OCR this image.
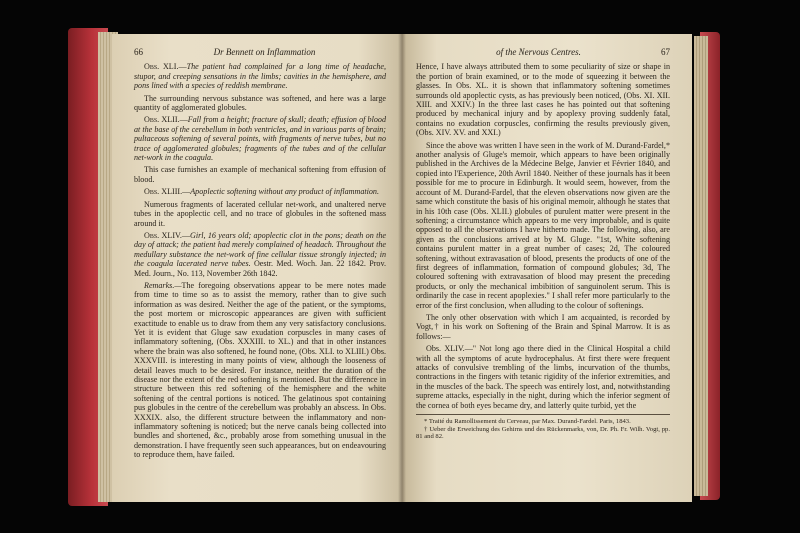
66	Dr Bennett on Inflammation

Obs. XLI.—The patient had complained for a long time of headache, stupor, and creeping sensations in the limbs; cavities in the hemisphere, and pons lined with a species of reddish membrane.

The surrounding nervous substance was softened, and here was a large quantity of agglomerated globules.

Obs. XLII.—Fall from a height; fracture of skull; death; effusion of blood at the base of the cerebellum in both ventricles, and in various parts of brain; pultaceous softening of several points, with fragments of nerve tubes, but no trace of agglomerated globules; fragments of the tubes and of the cellular net-work in the coagula.

This case furnishes an example of mechanical softening from effusion of blood.

Obs. XLIII.—Apoplectic softening without any product of inflammation.

Numerous fragments of lacerated cellular net-work, and unaltered nerve tubes in the apoplectic cell, and no trace of globules in the softened mass around it.

Obs. XLIV.—Girl, 16 years old; apoplectic clot in the pons; death on the day of attack; the patient had merely complained of headach. Throughout the medullary substance the net-work of fine cellular tissue strongly injected; in the coagula lacerated nerve tubes. Oestr. Med. Woch. Jan. 22 1842. Prov. Med. Journ., No. 113, November 26th 1842.

Remarks.—The foregoing observations appear to be mere notes made from time to time so as to assist the memory, rather than to give such information as was desired. Neither the age of the patient, or the symptoms, the post mortem or microscopic appearances are given with sufficient exactitude to enable us to draw from them any very satisfactory conclusions. Yet it is evident that Gluge saw exudation corpuscles in many cases of inflammatory softening, (Obs. XXXIII. to XL.) and that in other instances where the brain was also softened, he found none, (Obs. XLI. to XLIII.) Obs. XXXVIII. is interesting in many points of view, although the looseness of detail leaves much to be desired. For instance, neither the duration of the disease nor the extent of the red softening is mentioned. But the difference in structure between this red softening of the hemisphere and the white softening of the central portions is noticed. The gelatinous spot containing pus globules in the centre of the cerebellum was probably an abscess. In Obs. XXXIX. also, the different structure between the inflammatory and non-inflammatory softening is noticed; but the nerve canals being collected into bundles and shortened, &c., probably arose from something unusual in the demonstration. I have frequently seen such appearances, but on endeavouring to reproduce them, have failed.

of the Nervous Centres.	67

Hence, I have always attributed them to some peculiarity of size or shape in the portion of brain examined, or to the mode of squeezing it between the glasses. In Obs. XL. it is shown that inflammatory softening sometimes surrounds old apoplectic cysts, as has previously been noticed, (Obs. XI. XII. XIII. and XXIV.) In the three last cases he has pointed out that softening produced by mechanical injury and by apoplexy proving suddenly fatal, contains no exudation corpuscles, confirming the results previously given, (Obs. XIV. XV. and XXI.)

Since the above was written I have seen in the work of M. Durand-Fardel,* another analysis of Gluge's memoir, which appears to have been originally published in the Archives de la Médecine Belge, Janvier et Février 1840, and copied into l'Experience, 20th Avril 1840. Neither of these journals has it been possible for me to procure in Edinburgh. It would seem, however, from the account of M. Durand-Fardel, that the eleven observations now given are the same which constitute the basis of his original memoir, although he states that in his 10th case (Obs. XLII.) globules of purulent matter were present in the softening; a circumstance which appears to me very improbable, and is quite opposed to all the observations I have hitherto made. The following, also, are given as the conclusions arrived at by M. Gluge. "1st, White softening contains purulent matter in a great number of cases; 2d, The coloured softening, without extravasation of blood, presents the products of one of the first degrees of inflammation, formation of compound globules; 3d, The coloured softening with extravasation of blood may present the preceding products, or only the mechanical imbibition of sanguinolent serum. This is ordinarily the case in recent apoplexies." I shall refer more particularly to the error of the first conclusion, when alluding to the colour of softenings.

The only other observation with which I am acquainted, is recorded by Vogt,† in his work on Softening of the Brain and Spinal Marrow. It is as follows:—

Obs. XLIV.—" Not long ago there died in the Clinical Hospital a child with all the symptoms of acute hydrocephalus. At first there were frequent attacks of convulsive trembling of the limbs, incurvation of the thumbs, contractions in the fingers with tetanic rigidity of the inferior extremities, and in the muscles of the back. The speech was entirely lost, and, notwithstanding supreme attacks, especially in the night, during which the inferior segment of the cornea of both eyes became dry, and latterly quite turbid, yet the

* Traité du Ramollissement du Cerveau, par Max. Durand-Fardel. Paris, 1843.

† Ueber die Erweichung des Gehirns und des Rückenmarks, von, Dr. Ph. Fr. Wilh. Vogt, pp. 81 and 82.
